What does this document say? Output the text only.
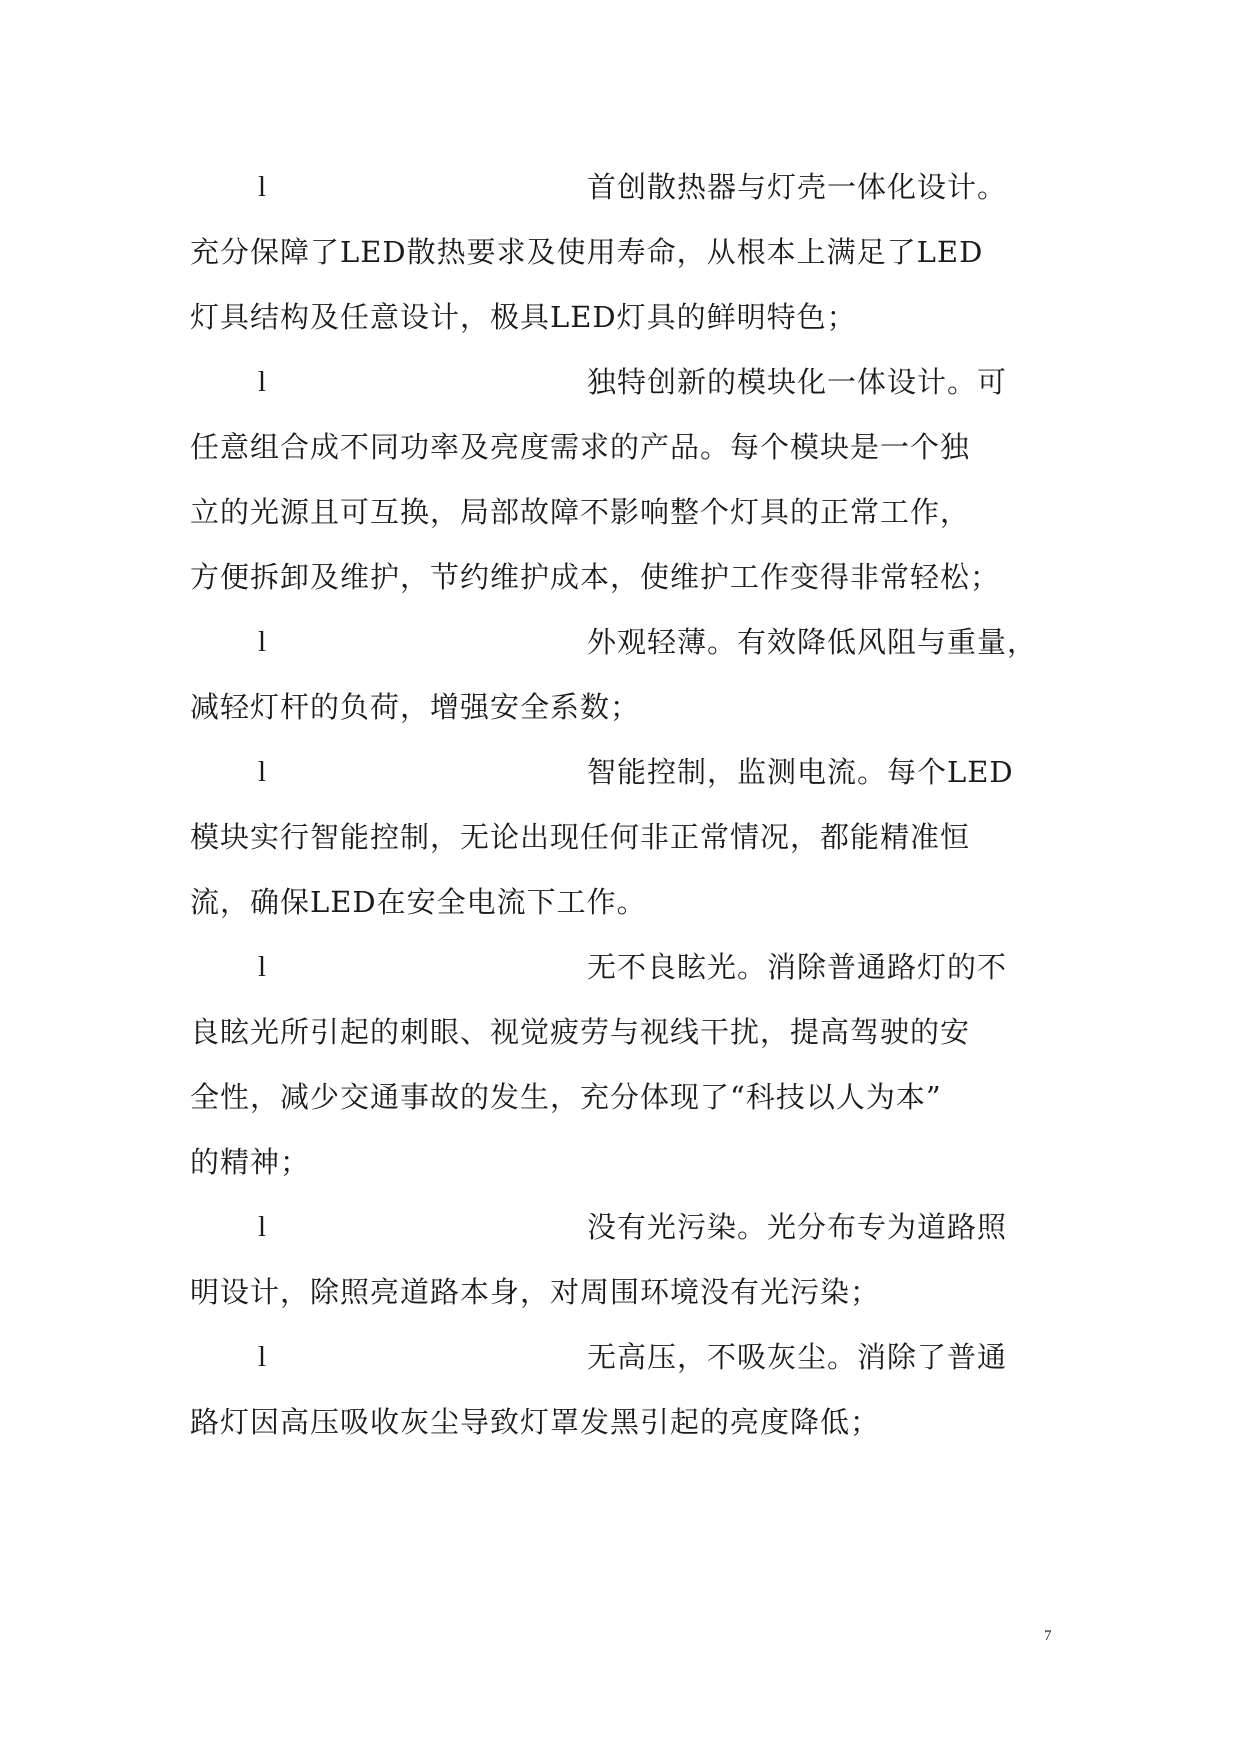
l	首创散热器与灯壳一体化设计。
充分保障了LED散热要求及使用寿命，从根本上满足了LED
灯具结构及任意设计，极具LED灯具的鲜明特色；
l	独特创新的模块化一体设计。可
任意组合成不同功率及亮度需求的产品。每个模块是一个独
立的光源且可互换，局部故障不影响整个灯具的正常工作，
方便拆卸及维护，节约维护成本，使维护工作变得非常轻松；
l	外观轻薄。有效降低风阻与重量，
减轻灯杆的负荷，增强安全系数；
l	智能控制，监测电流。每个LED
模块实行智能控制，无论出现任何非正常情况，都能精准恒
流，确保LED在安全电流下工作。
l	无不良眩光。消除普通路灯的不
良眩光所引起的刺眼、视觉疲劳与视线干扰，提高驾驶的安
全性，减少交通事故的发生，充分体现了“科技以人为本”
的精神；
l	没有光污染。光分布专为道路照
明设计，除照亮道路本身，对周围环境没有光污染；
l	无高压，不吸灰尘。消除了普通
路灯因高压吸收灰尘导致灯罩发黑引起的亮度降低；
7
